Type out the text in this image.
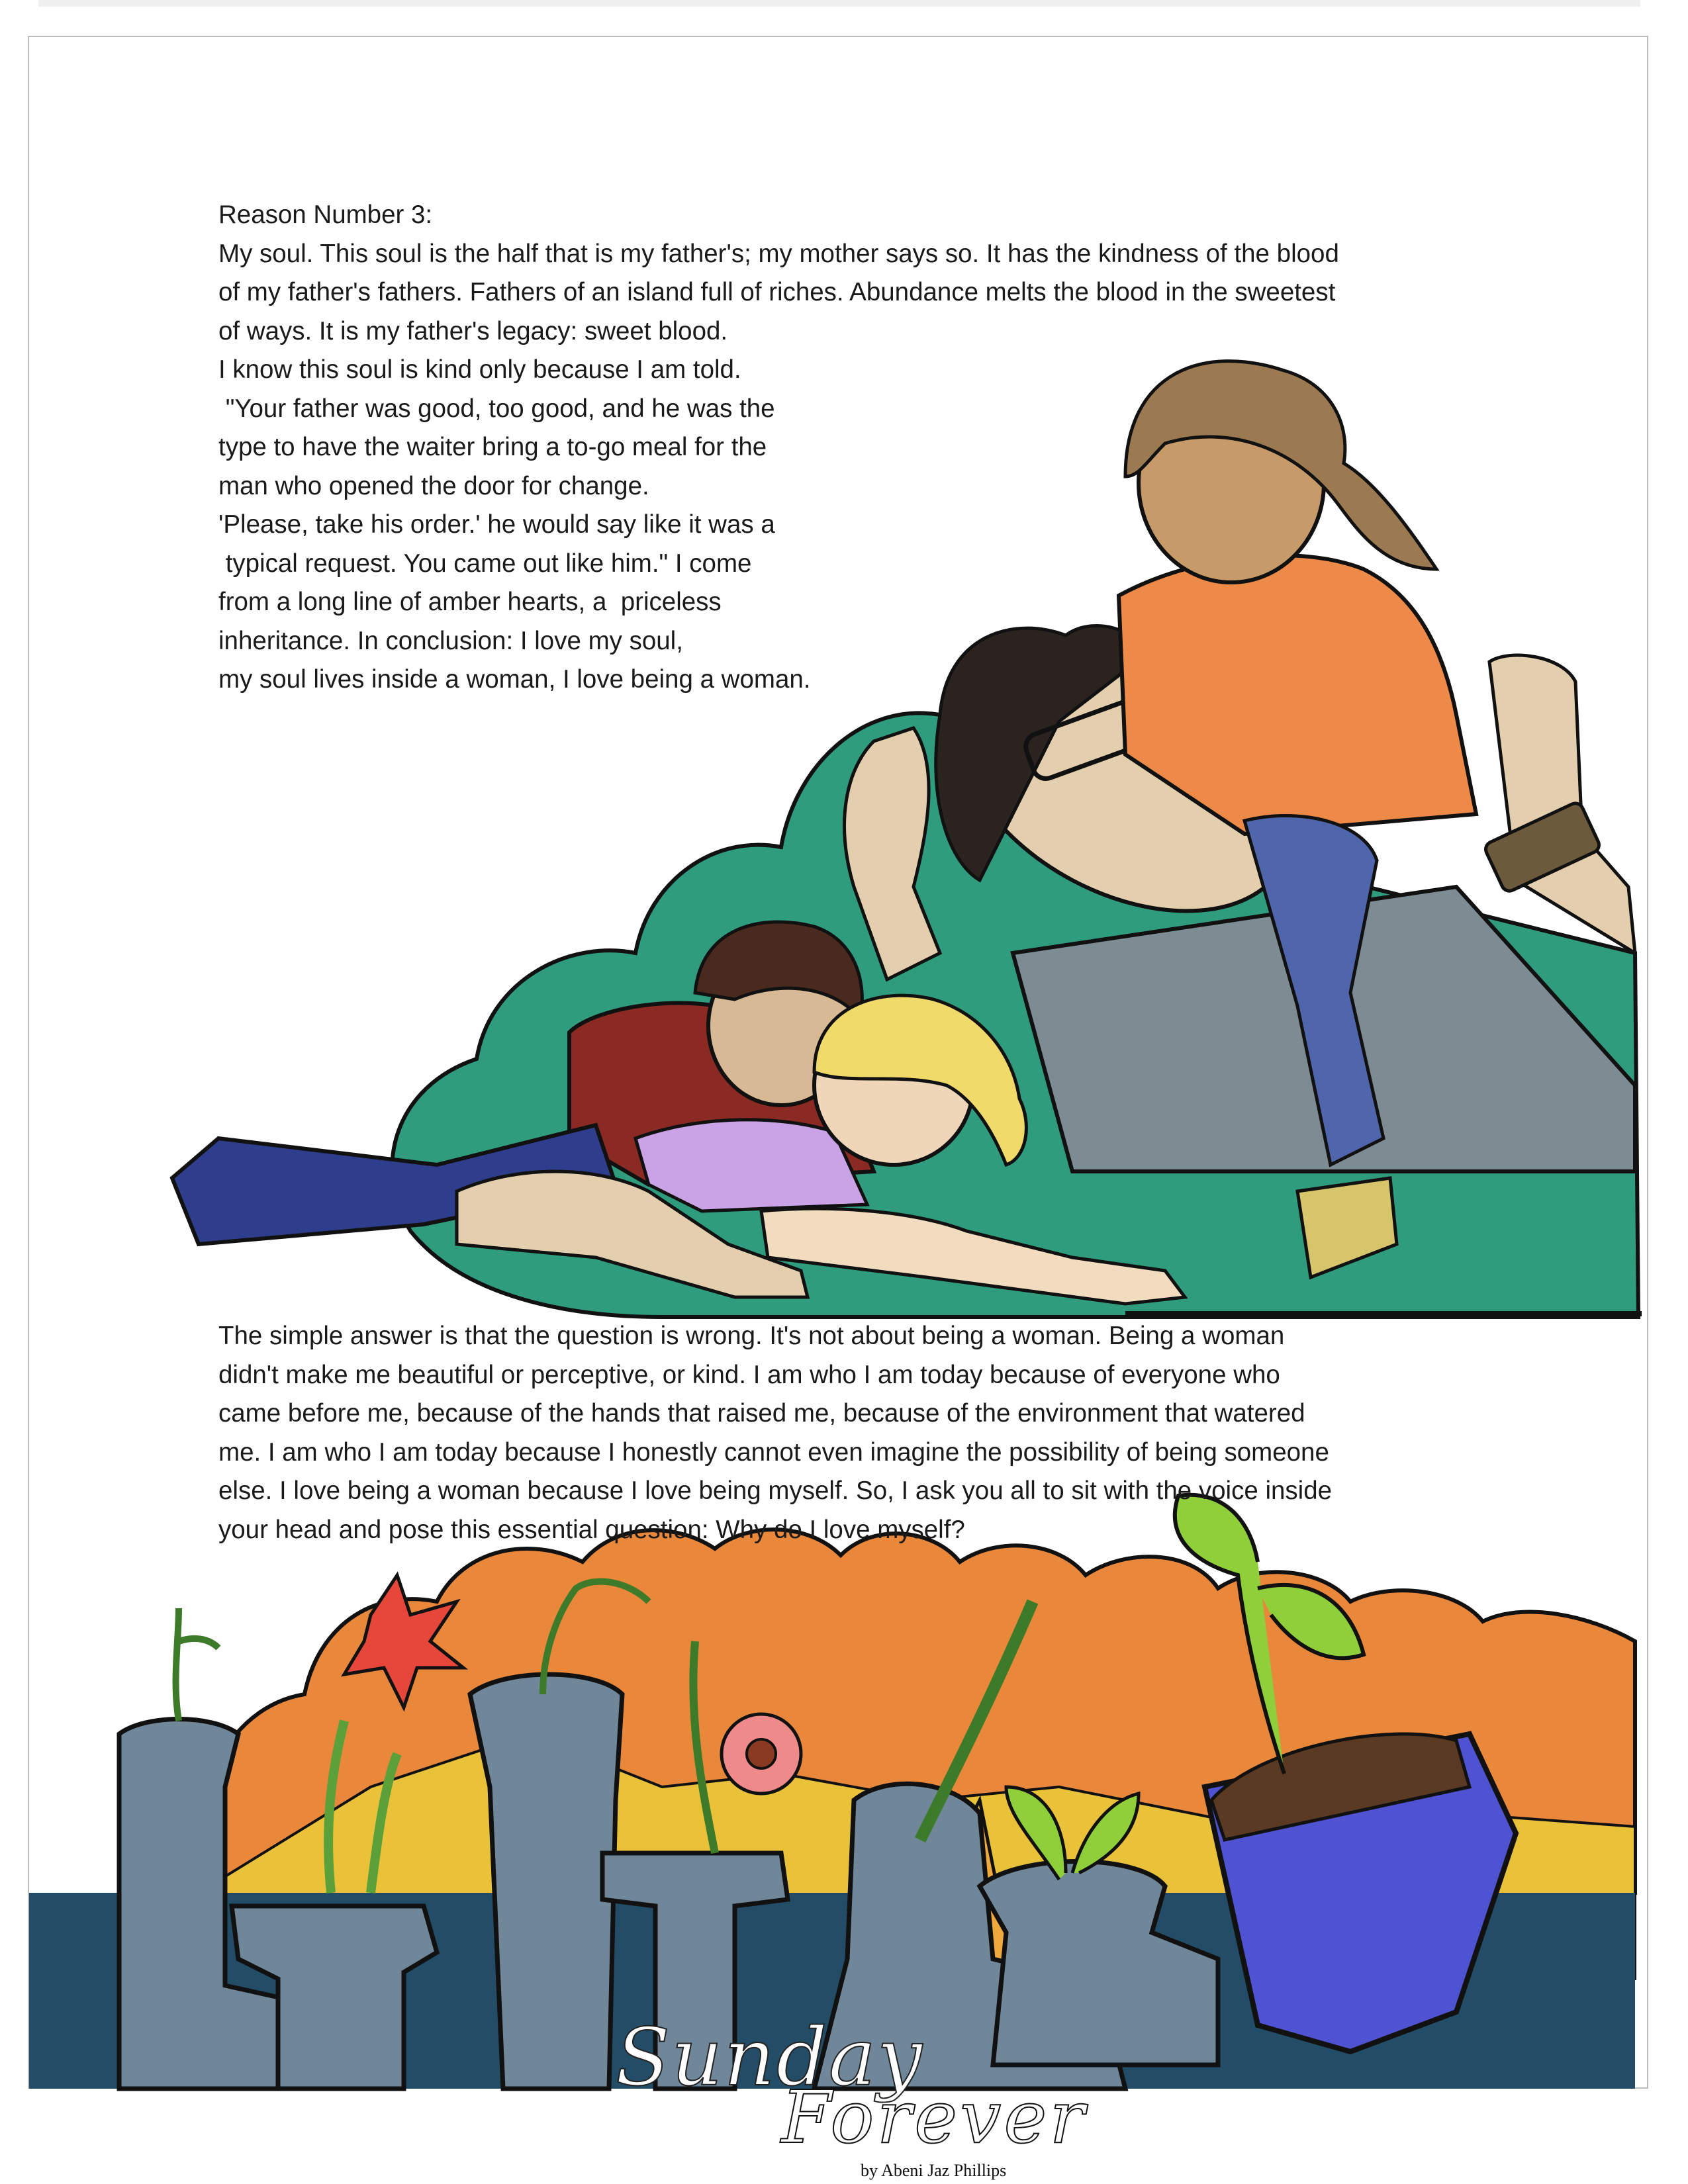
Reason Number 3:

My soul. This soul is the half that is my father's; my mother says so. It has the kindness of the blood

of my father's fathers. Fathers of an island full of riches. Abundance melts the blood in the sweetest

of ways. It is my father's legacy: sweet blood.

I know this soul is kind only because I am told.

"Your father was good, too good, and he was the

type to have the waiter bring a to-go meal for the

man who opened the door for change.

'Please, take his order.' he would say like it was a

typical request. You came out like him." I come

from a long line of amber hearts, a  priceless

inheritance. In conclusion: I love my soul,

my soul lives inside a woman, I love being a woman.

The simple answer is that the question is wrong. It's not about being a woman. Being a woman

didn't make me beautiful or perceptive, or kind. I am who I am today because of everyone who

came before me, because of the hands that raised me, because of the environment that watered

me. I am who I am today because I honestly cannot even imagine the possibility of being someone

else. I love being a woman because I love being myself. So, I ask you all to sit with the voice inside

your head and pose this essential question: Why do I love myself?

Sunday
Forever
by Abeni Jaz Phillips
